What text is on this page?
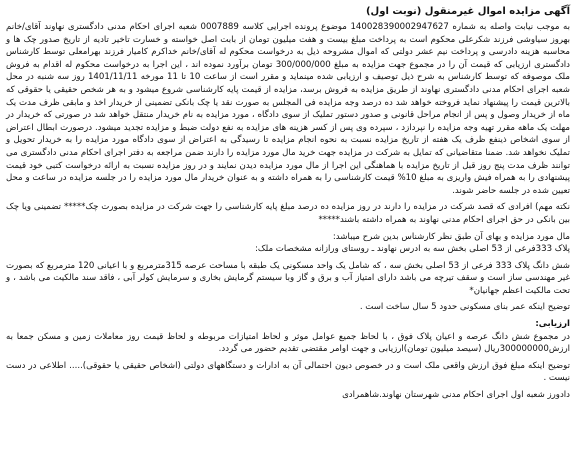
آگهی مزایده اموال غیرمنقول (نوبت اول)

به موجب نیابت واصله به شماره 140028390002947627 موضوع پرونده اجرایی کلاسه 0007889 شعبه اجرای احکام مدنی دادگستری نهاوند آقای/خانم بهروز سیاوشی فرزند شکرعلی محکوم است به پرداخت مبلغ بیست و هفت میلیون تومان از بابت اصل خواسته و خسارت تاخیر تادیه از تاریخ صدور چک ها و محاسبه هزینه دادرسی و پرداخت نیم عشر دولتی که اموال مشروحه ذیل به درخواست محکوم له آقای/خانم خداکرم کامیار فرزند بهرامعلی توسط کارشناس دادگستری ارزیابی که قیمت آن را در مجموع جهت مزایده به مبلغ 300/000/000 تومان برآورد نموده اند ، این اجرا به درخواست محکوم له اقدام به فروش ملک موصوفه که توسط کارشناس به شرح ذیل توصیف و ارزیابی شده مینماید و مقرر است از ساعت 10 تا 11 مورخه 1401/11/11 روز سه شنبه در محل شعبه اجرای احکام مدنی دادگستری نهاوند از طریق مزایده به فروش برسد، مزایده از قیمت پایه کارشناسی شروع میشود و به هر شخص حقیقی یا حقوقی که بالاترین قیمت را پیشنهاد نماید فروخته خواهد شد ده درصد وجه مزایده فی المجلس به صورت نقد یا چک بانکی تضمینی از خریدار اخذ و مابقی ظرف مدت یک ماه از خریدار وصول و پس از انجام مراحل قانونی و صدور دستور تملیک از سوی دادگاه ، مورد مزایده به نام خریدار منتقل خواهد شد در صورتی که خریدار در مهلت یک ماهه مقرر تهیه وجه مزایده را نپردازد ، سپرده وی پس از کسر هزینه های مزایده به نفع دولت ضبط و مزایده تجدید میشود. درصورت ابطال اعتراض از سوی اشخاص ذینفع ظرف یک هفته از تاریخ مزایده نسبت به نحوه انجام مزایده تا رسیدگی به اعتراض از سوی دادگاه مورد مزایده را به خریدار تحویل و تملیک نخواهد شد. ضمنا متقاضیانی که تمایل به شرکت در مزایده جهت خرید مال مورد مزایده را دارند ضمن مراجعه به دفتر اجرای احکام مدنی دادگستری می توانند ظرف مدت پنج روز قبل از تاریخ مزایده با هماهنگی این اجرا از مال مورد مزایده دیدن نمایند و در روز مزایده نسبت به ارائه درخواست کتبی خود قیمت پیشنهادی را به همراه فیش واریزی به مبلغ 10% قیمت کارشناسی را به همراه داشته و به عنوان خریدار مال مورد مزایده را در جلسه مزایده در ساعت و محل تعیین شده در جلسه حاضر شوند.

نکته مهم) افرادی که قصد شرکت در مزایده را دارند در روز مزایده ده درصد مبلغ پایه کارشناسی را جهت شرکت در مزایده بصورت چک***** تضمینی ویا چک بین بانکی در حق اجرای احکام مدنی نهاوند به همراه داشته باشند*****

مال مورد مزایده و بهای آن طبق نظر کارشناس بدین شرح میباشد:

پلاک 333فرعی از 53 اصلی بخش سه به ادرس نهاوند ـ روستای ورازانه مشخصات ملک:

شش دانگ پلاک 333 فرعی از 53 اصلی بخش سه ، که شامل یک واحد مسکونی یک طبقه با مساحت عرصه 315مترمربع و با اعیانی 120 مترمربع که بصورت غیر مهندسی ساز است و سقف تیرچه می باشد دارای امتیاز آب و برق و گاز وبا سیستم گرمایش بخاری و سرمایش کولر آبی ، فاقد سند مالکیت می باشد ، و تحت مالکیت اعظم جهانیان*

توضیح اینکه عمر بنای مسکونی حدود 5 سال ساخت است .

ارزیابی:

در مجموع شش دانگ عرصه و اعیان پلاک فوق ، با لحاظ جمیع عوامل موثر و لحاظ امتیازات مربوطه و لحاظ قیمت روز معاملات زمین و مسکن جمعا به ارزش300000000ریال (سیصد میلیون تومان)ارزیابی و جهت اوامر مقتضی تقدیم حضور می گردد.

توضیح اینکه مبلغ فوق ارزش واقعی ملک است و در خصوص دیون احتمالی آن به ادارات و دستگاههای دولتی (اشخاص حقیقی یا حقوقی)..... اطلاعی در دست نیست .

دادورز شعبه اول اجرای احکام مدنی شهرستان نهاوند.شاهمرادی
